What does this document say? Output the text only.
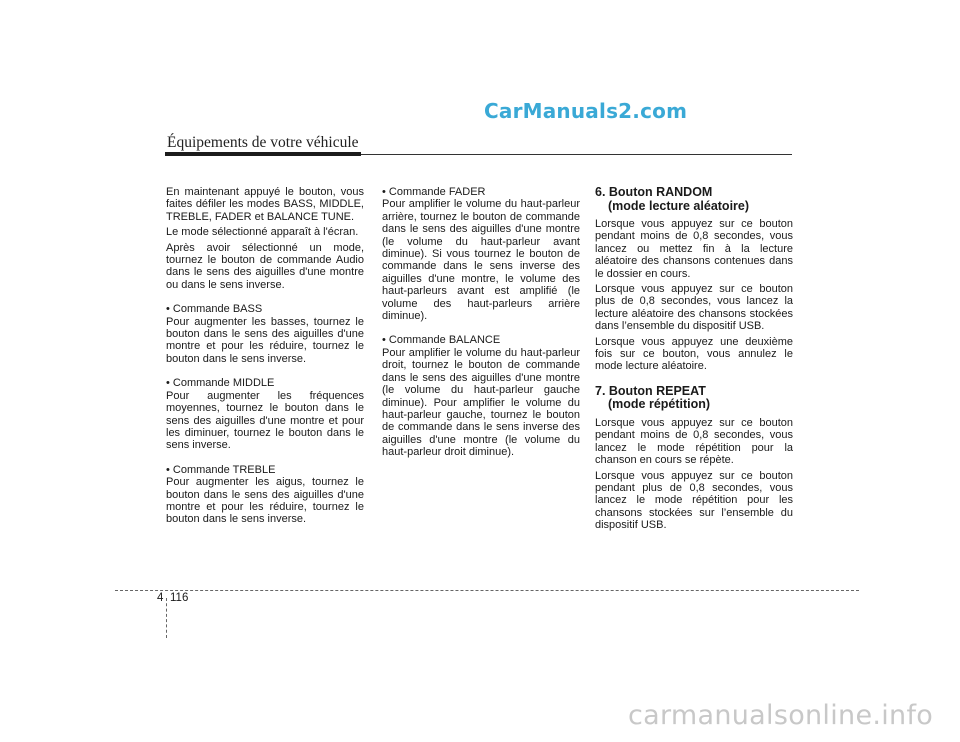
CarManuals2.com
Équipements de votre véhicule

En maintenant appuyé le bouton, vous faites défiler les modes BASS, MIDDLE, TREBLE, FADER et BALANCE TUNE.

Le mode sélectionné apparaît à l'écran.

Après avoir sélectionné un mode, tournez le bouton de commande Audio dans le sens des aiguilles d'une montre ou dans le sens inverse.

• Commande BASS

Pour augmenter les basses, tournez le bouton dans le sens des aiguilles d'une montre et pour les réduire, tournez le bouton dans le sens inverse.

• Commande MIDDLE

Pour augmenter les fréquences moyennes, tournez le bouton dans le sens des aiguilles d'une montre et pour les diminuer, tournez le bouton dans le sens inverse.

• Commande TREBLE

Pour augmenter les aigus, tournez le bouton dans le sens des aiguilles d'une montre et pour les réduire, tournez le bouton dans le sens inverse.

• Commande FADER

Pour amplifier le volume du haut-parleur arrière, tournez le bouton de commande dans le sens des aiguilles d'une montre (le volume du haut-parleur avant diminue). Si vous tournez le bouton de commande dans le sens inverse des aiguilles d'une montre, le volume des haut-parleurs avant est amplifié (le volume des haut-parleurs arrière diminue).

• Commande BALANCE

Pour amplifier le volume du haut-parleur droit, tournez le bouton de commande dans le sens des aiguilles d'une montre (le volume du haut-parleur gauche diminue). Pour amplifier le volume du haut-parleur gauche, tournez le bouton de commande dans le sens inverse des aiguilles d'une montre (le volume du haut-parleur droit diminue).

6. Bouton RANDOM
(mode lecture aléatoire)

Lorsque vous appuyez sur ce bouton pendant moins de 0,8 secondes, vous lancez ou mettez fin à la lecture aléatoire des chansons contenues dans le dossier en cours.

Lorsque vous appuyez sur ce bouton plus de 0,8 secondes, vous lancez la lecture aléatoire des chansons stockées dans l’ensemble du dispositif USB.

Lorsque vous appuyez une deuxième fois sur ce bouton, vous annulez le mode lecture aléatoire.

7. Bouton REPEAT
(mode répétition)

Lorsque vous appuyez sur ce bouton pendant moins de 0,8 secondes, vous lancez le mode répétition pour la chanson en cours se répète.

Lorsque vous appuyez sur ce bouton pendant plus de 0,8 secondes, vous lancez le mode répétition pour les chansons stockées sur l’ensemble du dispositif USB.

4 116
carmanualsonline.info
